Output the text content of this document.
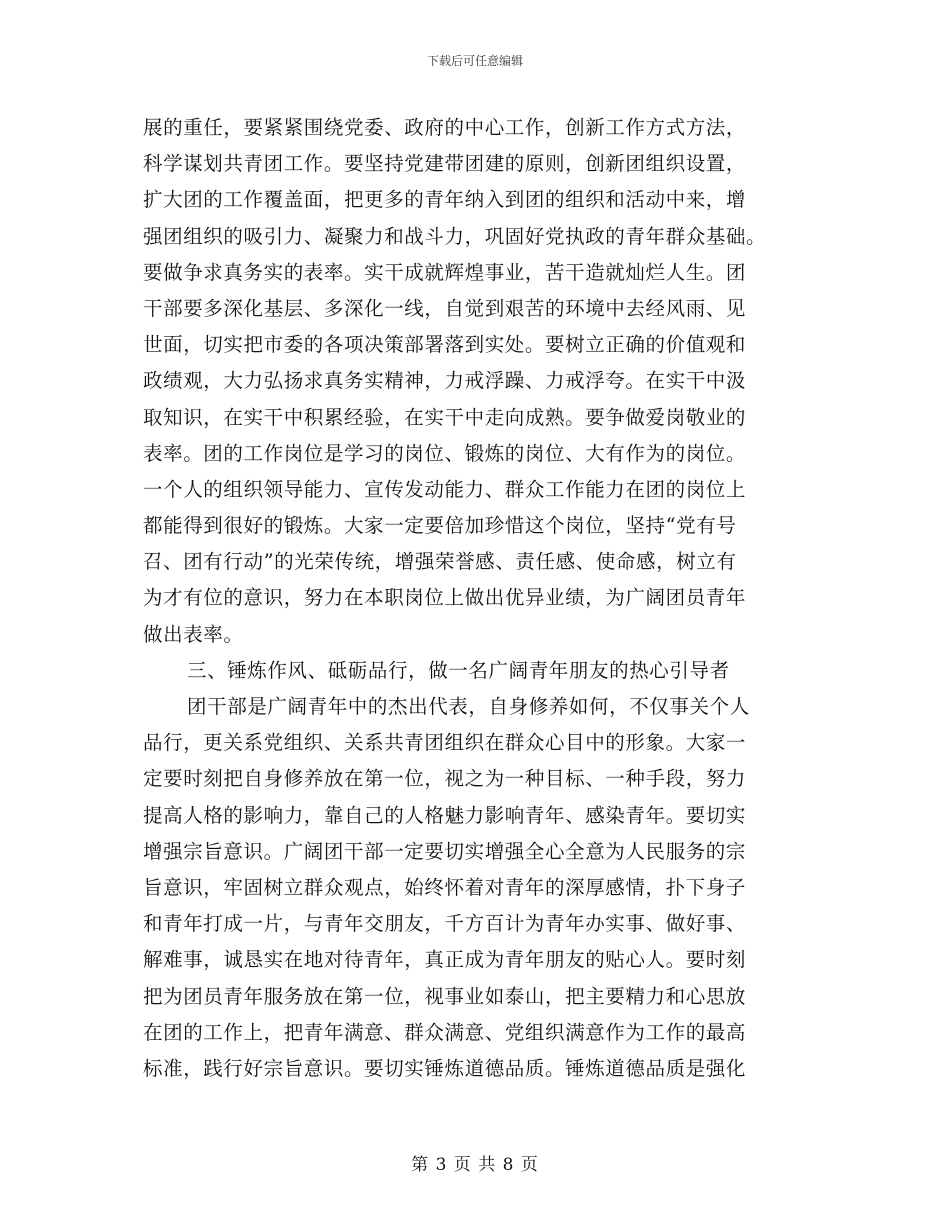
下载后可任意编辑
展的重任，要紧紧围绕党委、政府的中心工作，创新工作方式方法，
科学谋划共青团工作。要坚持党建带团建的原则，创新团组织设置，
扩大团的工作覆盖面，把更多的青年纳入到团的组织和活动中来，增
强团组织的吸引力、凝聚力和战斗力，巩固好党执政的青年群众基础。
要做争求真务实的表率。实干成就辉煌事业，苦干造就灿烂人生。团
干部要多深化基层、多深化一线，自觉到艰苦的环境中去经风雨、见
世面，切实把市委的各项决策部署落到实处。要树立正确的价值观和
政绩观，大力弘扬求真务实精神，力戒浮躁、力戒浮夸。在实干中汲
取知识，在实干中积累经验，在实干中走向成熟。要争做爱岗敬业的
表率。团的工作岗位是学习的岗位、锻炼的岗位、大有作为的岗位。
一个人的组织领导能力、宣传发动能力、群众工作能力在团的岗位上
都能得到很好的锻炼。大家一定要倍加珍惜这个岗位，坚持“党有号
召、团有行动”的光荣传统，增强荣誉感、责任感、使命感，树立有
为才有位的意识，努力在本职岗位上做出优异业绩，为广阔团员青年
做出表率。
三、锤炼作风、砥砺品行，做一名广阔青年朋友的热心引导者
团干部是广阔青年中的杰出代表，自身修养如何，不仅事关个人
品行，更关系党组织、关系共青团组织在群众心目中的形象。大家一
定要时刻把自身修养放在第一位，视之为一种目标、一种手段，努力
提高人格的影响力，靠自己的人格魅力影响青年、感染青年。要切实
增强宗旨意识。广阔团干部一定要切实增强全心全意为人民服务的宗
旨意识，牢固树立群众观点，始终怀着对青年的深厚感情，扑下身子
和青年打成一片，与青年交朋友，千方百计为青年办实事、做好事、
解难事，诚恳实在地对待青年，真正成为青年朋友的贴心人。要时刻
把为团员青年服务放在第一位，视事业如泰山，把主要精力和心思放
在团的工作上，把青年满意、群众满意、党组织满意作为工作的最高
标准，践行好宗旨意识。要切实锤炼道德品质。锤炼道德品质是强化
第 3 页 共 8 页
